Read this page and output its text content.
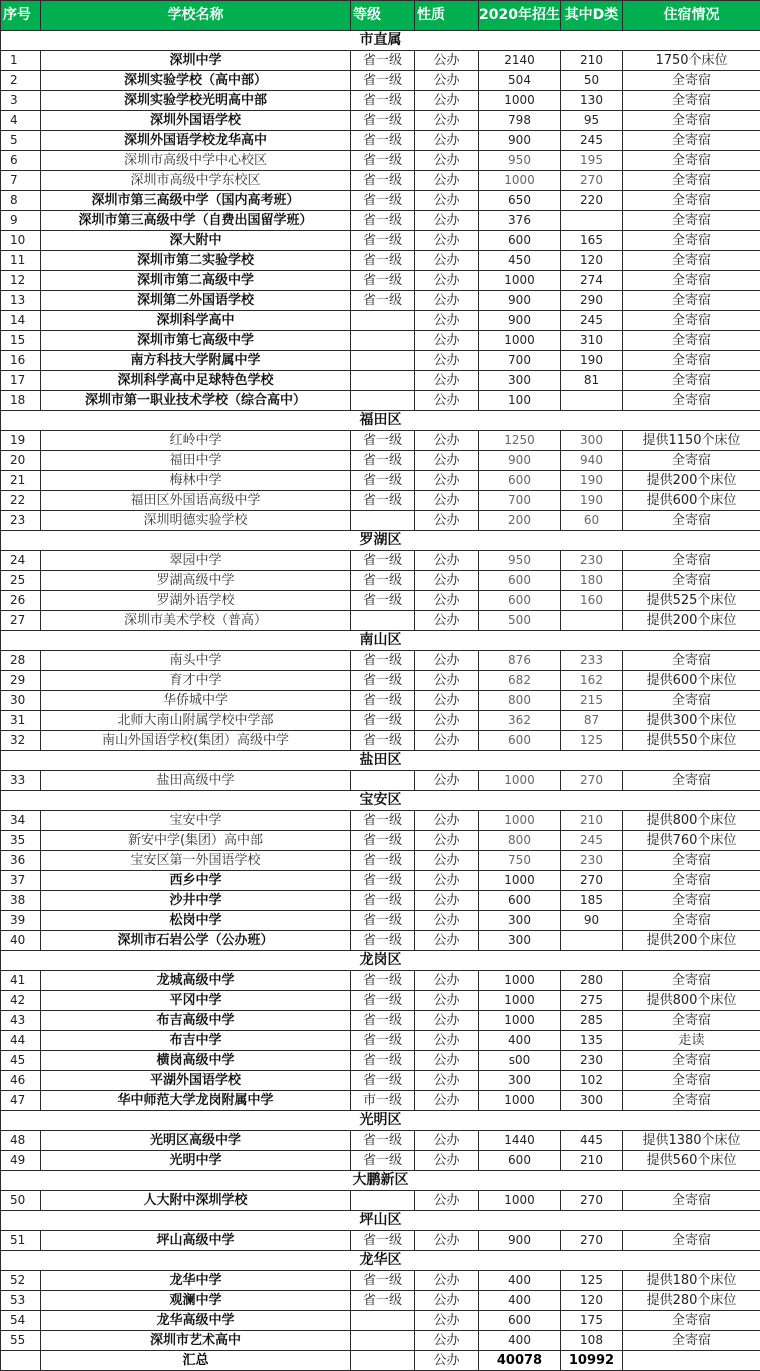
序号	学校名称	等级	性质	2020年招生	其中D类	住宿情况
市直属						
1	深圳中学	省一级	公办	2140	210	1750个床位
2	深圳实验学校（高中部）	省一级	公办	504	50	全寄宿
3	深圳实验学校光明高中部	省一级	公办	1000	130	全寄宿
4	深圳外国语学校	省一级	公办	798	95	全寄宿
5	深圳外国语学校龙华高中	省一级	公办	900	245	全寄宿
6	深圳市高级中学中心校区	省一级	公办	950	195	全寄宿
7	深圳市高级中学东校区	省一级	公办	1000	270	全寄宿
8	深圳市第三高级中学（国内高考班）	省一级	公办	650	220	全寄宿
9	深圳市第三高级中学（自费出国留学班）	省一级	公办	376		全寄宿
10	深大附中	省一级	公办	600	165	全寄宿
11	深圳市第二实验学校	省一级	公办	450	120	全寄宿
12	深圳市第二高级中学	省一级	公办	1000	274	全寄宿
13	深圳第二外国语学校	省一级	公办	900	290	全寄宿
14	深圳科学高中		公办	900	245	全寄宿
15	深圳市第七高级中学		公办	1000	310	全寄宿
16	南方科技大学附属中学		公办	700	190	全寄宿
17	深圳科学高中足球特色学校		公办	300	81	全寄宿
18	深圳市第一职业技术学校（综合高中）		公办	100		全寄宿
福田区						
19	红岭中学	省一级	公办	1250	300	提供1150个床位
20	福田中学	省一级	公办	900	940	全寄宿
21	梅林中学	省一级	公办	600	190	提供200个床位
22	福田区外国语高级中学	省一级	公办	700	190	提供600个床位
23	深圳明德实验学校		公办	200	60	全寄宿
罗湖区						
24	翠园中学	省一级	公办	950	230	全寄宿
25	罗湖高级中学	省一级	公办	600	180	全寄宿
26	罗湖外语学校	省一级	公办	600	160	提供525个床位
27	深圳市美术学校（普高）		公办	500		提供200个床位
南山区						
28	南头中学	省一级	公办	876	233	全寄宿
29	育才中学	省一级	公办	682	162	提供600个床位
30	华侨城中学	省一级	公办	800	215	全寄宿
31	北师大南山附属学校中学部	省一级	公办	362	87	提供300个床位
32	南山外国语学校(集团）高级中学	省一级	公办	600	125	提供550个床位
盐田区						
33	盐田高级中学		公办	1000	270	全寄宿
宝安区						
34	宝安中学	省一级	公办	1000	210	提供800个床位
35	新安中学(集团）高中部	省一级	公办	800	245	提供760个床位
36	宝安区第一外国语学校	省一级	公办	750	230	全寄宿
37	西乡中学	省一级	公办	1000	270	全寄宿
38	沙井中学	省一级	公办	600	185	全寄宿
39	松岗中学	省一级	公办	300	90	全寄宿
40	深圳市石岩公学（公办班）	省一级	公办	300		提供200个床位
龙岗区						
41	龙城高级中学	省一级	公办	1000	280	全寄宿
42	平冈中学	省一级	公办	1000	275	提供800个床位
43	布吉高级中学	省一级	公办	1000	285	全寄宿
44	布吉中学	省一级	公办	400	135	走读
45	横岗高级中学	省一级	公办	s00	230	全寄宿
46	平湖外国语学校	省一级	公办	300	102	全寄宿
47	华中师范大学龙岗附属中学	市一级	公办	1000	300	全寄宿
光明区						
48	光明区高级中学	省一级	公办	1440	445	提供1380个床位
49	光明中学	省一级	公办	600	210	提供560个床位
大鹏新区						
50	人大附中深圳学校		公办	1000	270	全寄宿
坪山区						
51	坪山高级中学	省一级	公办	900	270	全寄宿
龙华区						
52	龙华中学	省一级	公办	400	125	提供180个床位
53	观澜中学	省一级	公办	400	120	提供280个床位
54	龙华高级中学		公办	600	175	全寄宿
55	深圳市艺术高中		公办	400	108	全寄宿
	汇总		公办	40078	10992	
